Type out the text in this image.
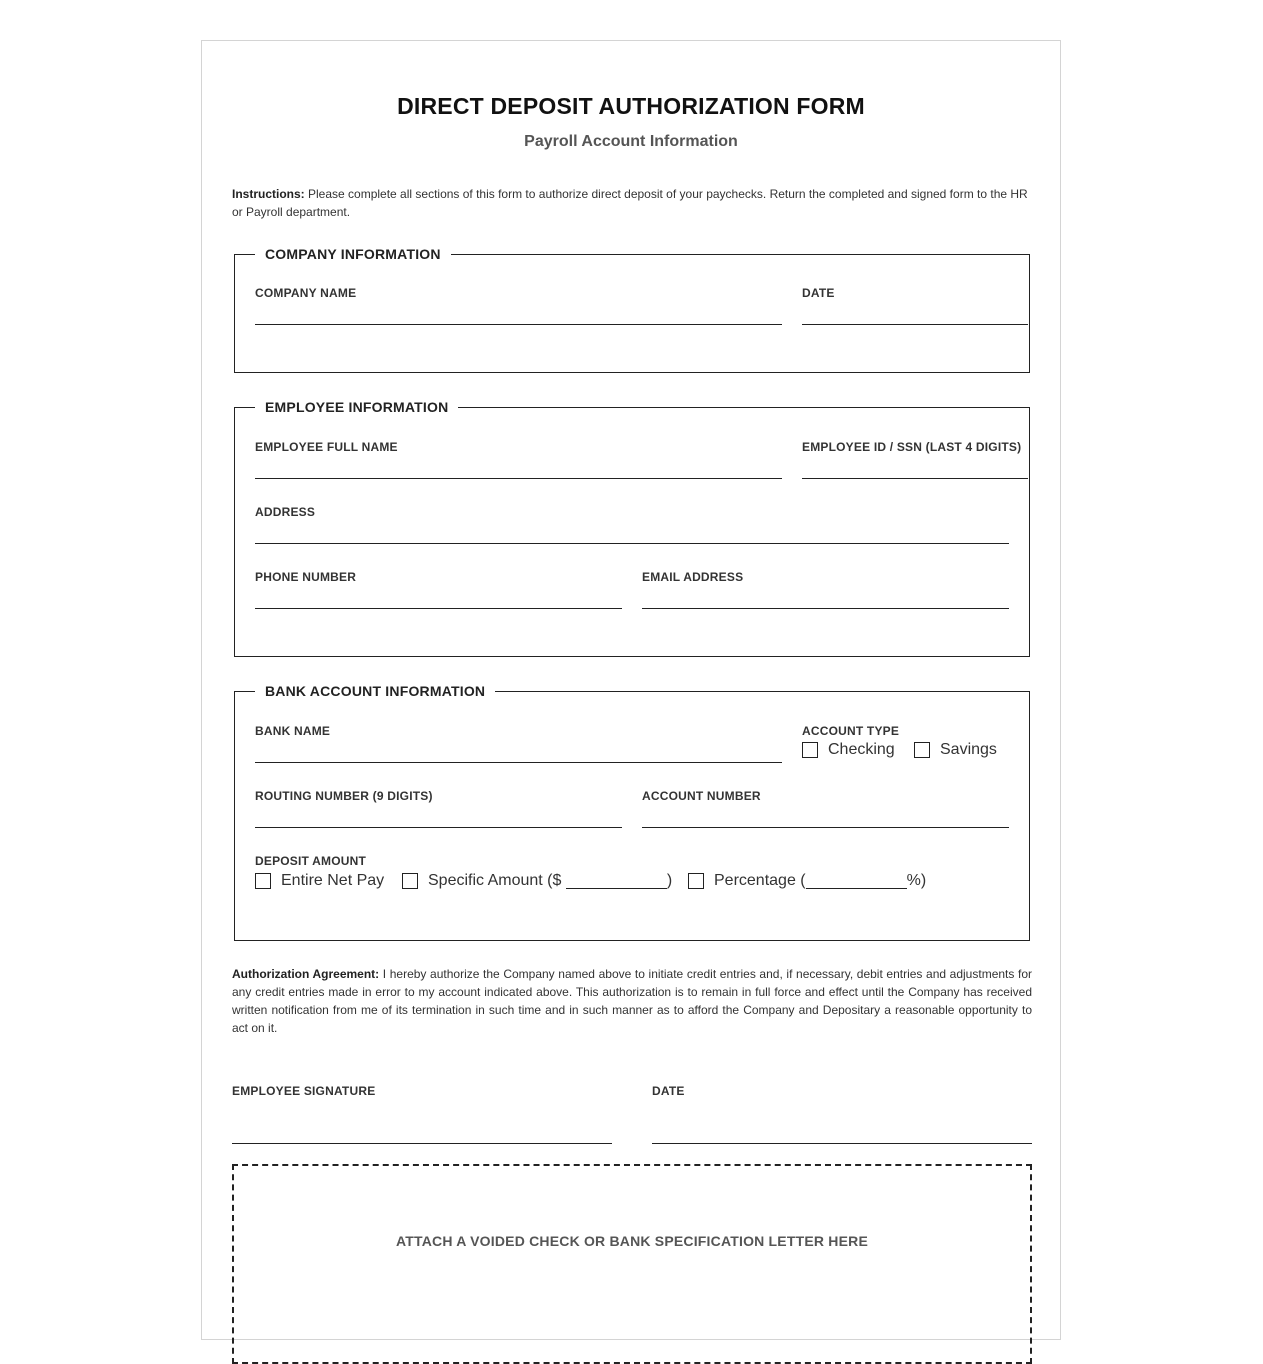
DIRECT DEPOSIT AUTHORIZATION FORM
Payroll Account Information
Instructions: Please complete all sections of this form to authorize direct deposit of your paychecks. Return the completed and signed form to the HR or Payroll department.
COMPANY INFORMATION
COMPANY NAME	DATE
EMPLOYEE INFORMATION
EMPLOYEE FULL NAME	EMPLOYEE ID / SSN (LAST 4 DIGITS)
ADDRESS
PHONE NUMBER	EMAIL ADDRESS
BANK ACCOUNT INFORMATION
BANK NAME	ACCOUNT TYPE
Checking	Savings
ROUTING NUMBER (9 DIGITS)	ACCOUNT NUMBER
DEPOSIT AMOUNT
Entire Net Pay	Specific Amount ($	)	Percentage (	%)
Authorization Agreement: I hereby authorize the Company named above to initiate credit entries and, if necessary, debit entries and adjustments for any credit entries made in error to my account indicated above. This authorization is to remain in full force and effect until the Company has received written notification from me of its termination in such time and in such manner as to afford the Company and Depositary a reasonable opportunity to act on it.
EMPLOYEE SIGNATURE	DATE
ATTACH A VOIDED CHECK OR BANK SPECIFICATION LETTER HERE
